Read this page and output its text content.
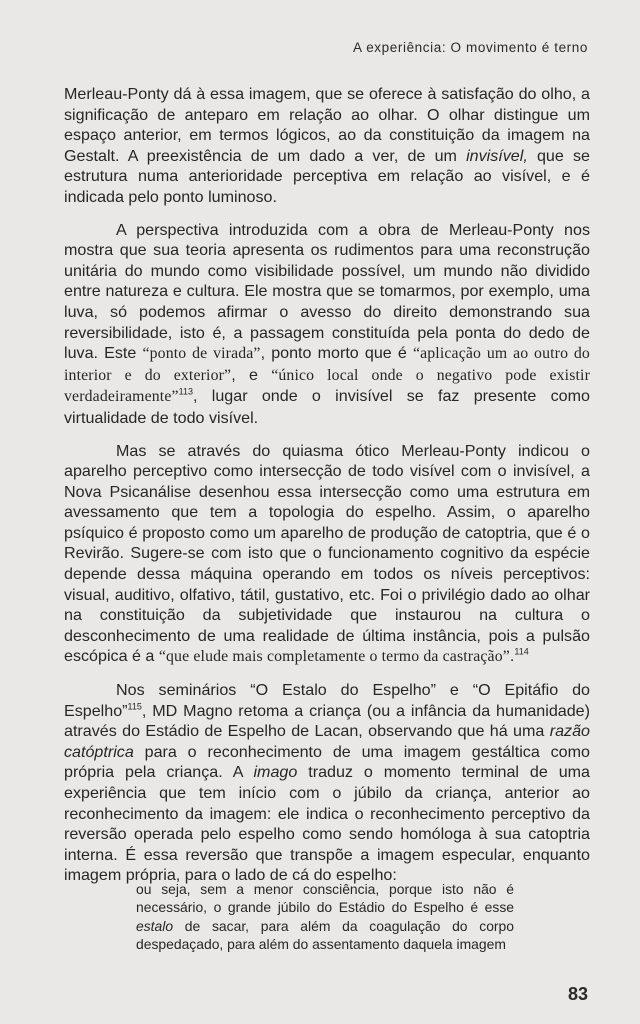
A experiência: O movimento é terno

Merleau-Ponty dá à essa imagem, que se oferece à satisfação do olho, a significação de anteparo em relação ao olhar. O olhar distingue um espaço anterior, em termos lógicos, ao da constituição da imagem na Gestalt. A preexistência de um dado a ver, de um invisível, que se estrutura numa anterioridade perceptiva em relação ao visível, e é indicada pelo ponto luminoso.

A perspectiva introduzida com a obra de Merleau-Ponty nos mostra que sua teoria apresenta os rudimentos para uma reconstrução unitária do mundo como visibilidade possível, um mundo não dividido entre natureza e cultura. Ele mostra que se tomarmos, por exemplo, uma luva, só podemos afirmar o avesso do direito demonstrando sua reversibilidade, isto é, a passagem constituída pela ponta do dedo de luva. Este “ponto de virada”, ponto morto que é “aplicação um ao outro do interior e do exterior”, e “único local onde o negativo pode existir verdadeiramente”$^{113}$, lugar onde o invisível se faz presente como virtualidade de todo visível.

Mas se através do quiasma ótico Merleau-Ponty indicou o aparelho perceptivo como intersecção de todo visível com o invisível, a Nova Psicanálise desenhou essa intersecção como uma estrutura em avessamento que tem a topologia do espelho. Assim, o aparelho psíquico é proposto como um aparelho de produção de catoptria, que é o Revirão. Sugere-se com isto que o funcionamento cognitivo da espécie depende dessa máquina operando em todos os níveis perceptivos: visual, auditivo, olfativo, tátil, gustativo, etc. Foi o privilégio dado ao olhar na constituição da subjetividade que instaurou na cultura o desconhecimento de uma realidade de última instância, pois a pulsão escópica é a “que elude mais completamente o termo da castração”.$^{114}$

Nos seminários “O Estalo do Espelho” e “O Epitáfio do Espelho”$^{115}$, MD Magno retoma a criança (ou a infância da humanidade) através do Estádio de Espelho de Lacan, observando que há uma razão catóptrica para o reconhecimento de uma imagem gestáltica como própria pela criança. A imago traduz o momento terminal de uma experiência que tem início com o júbilo da criança, anterior ao reconhecimento da imagem: ele indica o reconhecimento perceptivo da reversão operada pelo espelho como sendo homóloga à sua catoptria interna. É essa reversão que transpõe a imagem especular, enquanto imagem própria, para o lado de cá do espelho:

ou seja, sem a menor consciência, porque isto não é necessário, o grande júbilo do Estádio do Espelho é esse estalo de sacar, para além da coagulação do corpo despedaçado, para além do assentamento daquela imagem
83
